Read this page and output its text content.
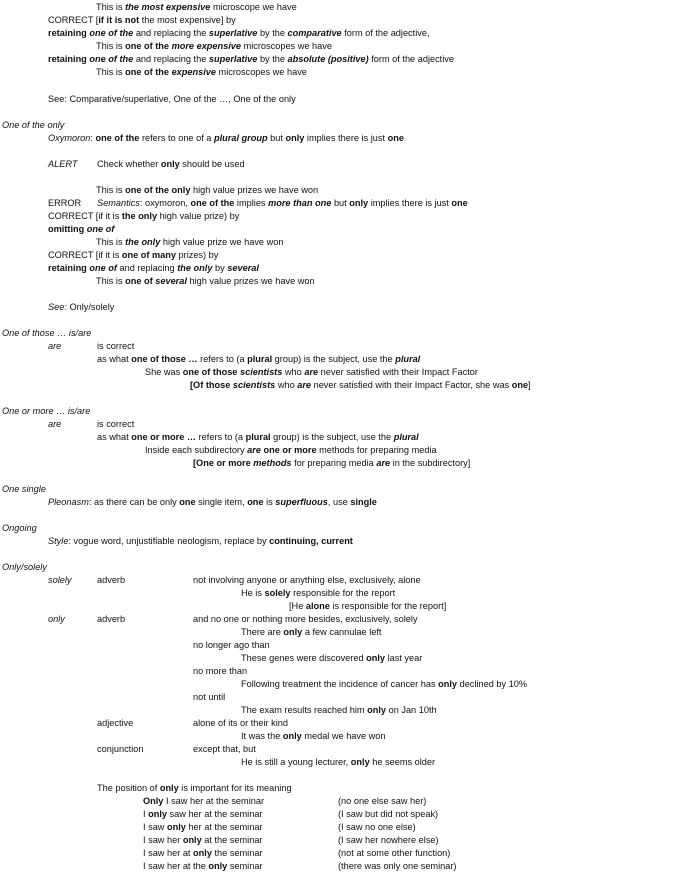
This is the most expensive microscope we have
CORRECT [if it is not the most expensive] by
retaining one of the and replacing the superlative by the comparative form of the adjective,
This is one of the more expensive microscopes we have
retaining one of the and replacing the superlative by the absolute (positive) form of the adjective
This is one of the expensive microscopes we have
See: Comparative/superlative, One of the …, One of the only
One of the only
Oxymoron: one of the refers to one of a plural group but only implies there is just one
ALERT Check whether only should be used
This is one of the only high value prizes we have won
ERROR Semantics: oxymoron, one of the implies more than one but only implies there is just one
CORRECT [if it is the only high value prize) by
omitting one of
This is the only high value prize we have won
CORRECT [if it is one of many prizes) by
retaining one of and replacing the only by several
This is one of several high value prizes we have won
See: Only/solely
One of those … is/are
are	is correct
as what one of those … refers to (a plural group) is the subject, use the plural
She was one of those scientists who are never satisfied with their Impact Factor
[Of those scientists who are never satisfied with their Impact Factor, she was one]
One or more … is/are
are	is correct
as what one or more … refers to (a plural group) is the subject, use the plural
Inside each subdirectory are one or more methods for preparing media
[One or more methods for preparing media are in the subdirectory]
One single
Pleonasm: as there can be only one single item, one is superfluous, use single
Ongoing
Style: vogue word, unjustifiable neologism, replace by continuing, current
Only/solely
solely	adverb	not involving anyone or anything else, exclusively, alone
He is solely responsible for the report
[He alone is responsible for the report]
only	adverb	and no one or nothing more besides, exclusively, solely
There are only a few cannulae left
no longer ago than
These genes were discovered only last year
no more than
Following treatment the incidence of cancer has only declined by 10%
not until
The exam results reached him only on Jan 10th
adjective	alone of its or their kind
It was the only medal we have won
conjunction	except that, but
He is still a young lecturer, only he seems older
The position of only is important for its meaning
Only I saw her at the seminar	(no one else saw her)
I only saw her at the seminar	(I saw but did not speak)
I saw only her at the seminar	(I saw no one else)
I saw her only at the seminar	(I saw her nowhere else)
I saw her at only the seminar	(not at some other function)
I saw her at the only seminar	(there was only one seminar)
